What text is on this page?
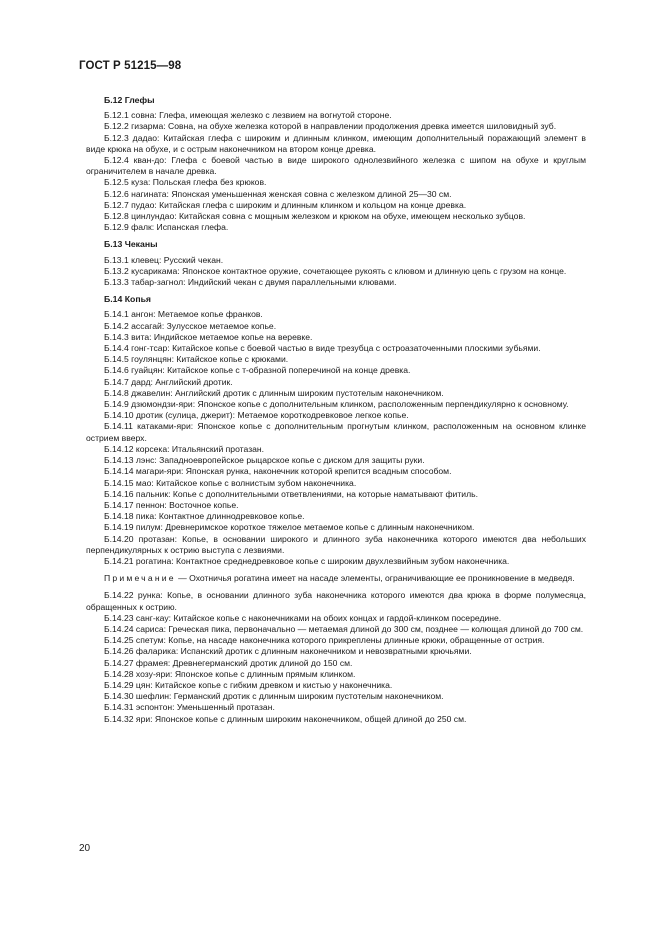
ГОСТ Р 51215—98

Б.12 Глефы

Б.12.1 совна: Глефа, имеющая железко с лезвием на вогнутой стороне.

Б.12.2 гизарма: Совна, на обухе железка которой в направлении продолжения древка имеется шиловидный зуб.

Б.12.3 дадао: Китайская глефа с широким и длинным клинком, имеющим дополнительный поражающий элемент в виде крюка на обухе, и с острым наконечником на втором конце древка.

Б.12.4 кван-до: Глефа с боевой частью в виде широкого однолезвийного железка с шипом на обухе и круглым ограничителем в начале древка.

Б.12.5 куза: Польская глефа без крюков.

Б.12.6 нагината: Японская уменьшенная женская совна с железком длиной 25—30 см.

Б.12.7 пудао: Китайская глефа с широким и длинным клинком и кольцом на конце древка.

Б.12.8 цинлундао: Китайская совна с мощным железком и крюком на обухе, имеющем несколько зубцов.

Б.12.9 фалк: Испанская глефа.

Б.13 Чеканы

Б.13.1 клевец: Русский чекан.

Б.13.2 кусарикама: Японское контактное оружие, сочетающее рукоять с клювом и длинную цепь с грузом на конце.

Б.13.3 табар-загнол: Индийский чекан с двумя параллельными клювами.

Б.14 Копья

Б.14.1 ангон: Метаемое копье франков.

Б.14.2 ассагай: Зулусское метаемое копье.

Б.14.3 вита: Индийское метаемое копье на веревке.

Б.14.4 гонг-тсар: Китайское копье с боевой частью в виде трезубца с остроазаточенными плоскими зубьями.

Б.14.5 гоулянцян: Китайское копье с крюками.

Б.14.6 гуайцян: Китайское копье с т-образной поперечиной на конце древка.

Б.14.7 дард: Английский дротик.

Б.14.8 джавелин: Английский дротик с длинным широким пустотелым наконечником.

Б.14.9 дзюмондзи-яри: Японское копье с дополнительным клинком, расположенным перпендикулярно к основному.

Б.14.10 дротик (сулица, джерит): Метаемое короткодревковое легкое копье.

Б.14.11 катаками-яри: Японское копье с дополнительным прогнутым клинком, расположенным на основном клинке острием вверх.

Б.14.12 корсека: Итальянский протазан.

Б.14.13 лэнс: Западноевропейское рыцарское копье с диском для защиты руки.

Б.14.14 магари-яри: Японская рунка, наконечник которой крепится всадным способом.

Б.14.15 мао: Китайское копье с волнистым зубом наконечника.

Б.14.16 пальник: Копье с дополнительными ответвлениями, на которые наматывают фитиль.

Б.14.17 пеннон: Восточное копье.

Б.14.18 пика: Контактное длиннодревковое копье.

Б.14.19 пилум: Древнеримское короткое тяжелое метаемое копье с длинным наконечником.

Б.14.20 протазан: Копье, в основании широкого и длинного зуба наконечника которого имеются два небольших перпендикулярных к острию выступа с лезвиями.

Б.14.21 рогатина: Контактное среднедревковое копье с широким двухлезвийным зубом наконечника.

Примечание — Охотничья рогатина имеет на насаде элементы, ограничивающие ее проникновение в медведя.

Б.14.22 рунка: Копье, в основании длинного зуба наконечника которого имеются два крюка в форме полумесяца, обращенных к острию.

Б.14.23 санг-кау: Китайское копье с наконечниками на обоих концах и гардой-клинком посередине.

Б.14.24 сариса: Греческая пика, первоначально — метаемая длиной до 300 см, позднее — колющая длиной до 700 см.

Б.14.25 спетум: Копье, на насаде наконечника которого прикреплены длинные крюки, обращенные от острия.

Б.14.26 фаларика: Испанский дротик с длинным наконечником и невозвратными крючьями.

Б.14.27 фрамея: Древнегерманский дротик длиной до 150 см.

Б.14.28 хозу-яри: Японское копье с длинным прямым клинком.

Б.14.29 цян: Китайское копье с гибким древком и кистью у наконечника.

Б.14.30 шефлин: Германский дротик с длинным широким пустотелым наконечником.

Б.14.31 эспонтон: Уменьшенный протазан.

Б.14.32 яри: Японское копье с длинным широким наконечником, общей длиной до 250 см.

20
